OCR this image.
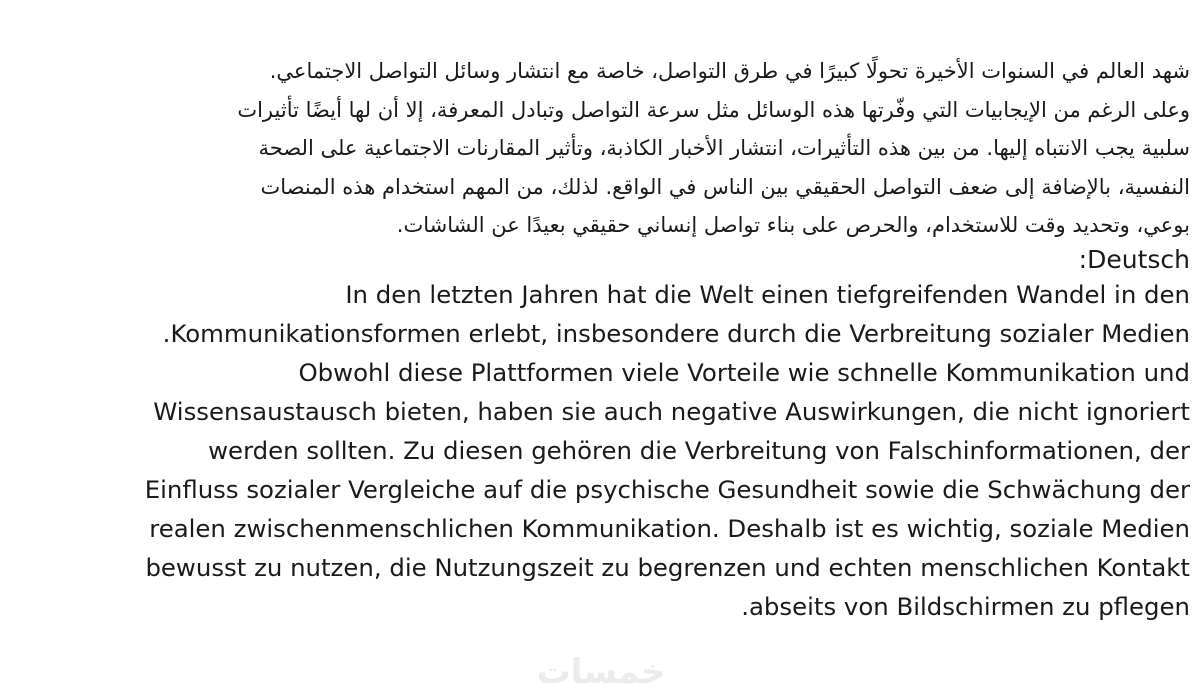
شهد العالم في السنوات الأخيرة تحولًا كبيرًا في طرق التواصل، خاصة مع انتشار وسائل التواصل الاجتماعي.
وعلى الرغم من الإيجابيات التي وفّرتها هذه الوسائل مثل سرعة التواصل وتبادل المعرفة، إلا أن لها أيضًا تأثيرات
سلبية يجب الانتباه إليها. من بين هذه التأثيرات، انتشار الأخبار الكاذبة، وتأثير المقارنات الاجتماعية على الصحة
النفسية، بالإضافة إلى ضعف التواصل الحقيقي بين الناس في الواقع. لذلك، من المهم استخدام هذه المنصات
بوعي، وتحديد وقت للاستخدام، والحرص على بناء تواصل إنساني حقيقي بعيدًا عن الشاشات.
Deutsch:
In den letzten Jahren hat die Welt einen tiefgreifenden Wandel in den
Kommunikationsformen erlebt, insbesondere durch die Verbreitung sozialer Medien.
Obwohl diese Plattformen viele Vorteile wie schnelle Kommunikation und
Wissensaustausch bieten, haben sie auch negative Auswirkungen, die nicht ignoriert
werden sollten. Zu diesen gehören die Verbreitung von Falschinformationen, der
Einfluss sozialer Vergleiche auf die psychische Gesundheit sowie die Schwächung der
realen zwischenmenschlichen Kommunikation. Deshalb ist es wichtig, soziale Medien
bewusst zu nutzen, die Nutzungszeit zu begrenzen und echten menschlichen Kontakt
abseits von Bildschirmen zu pflegen.
خمسات
